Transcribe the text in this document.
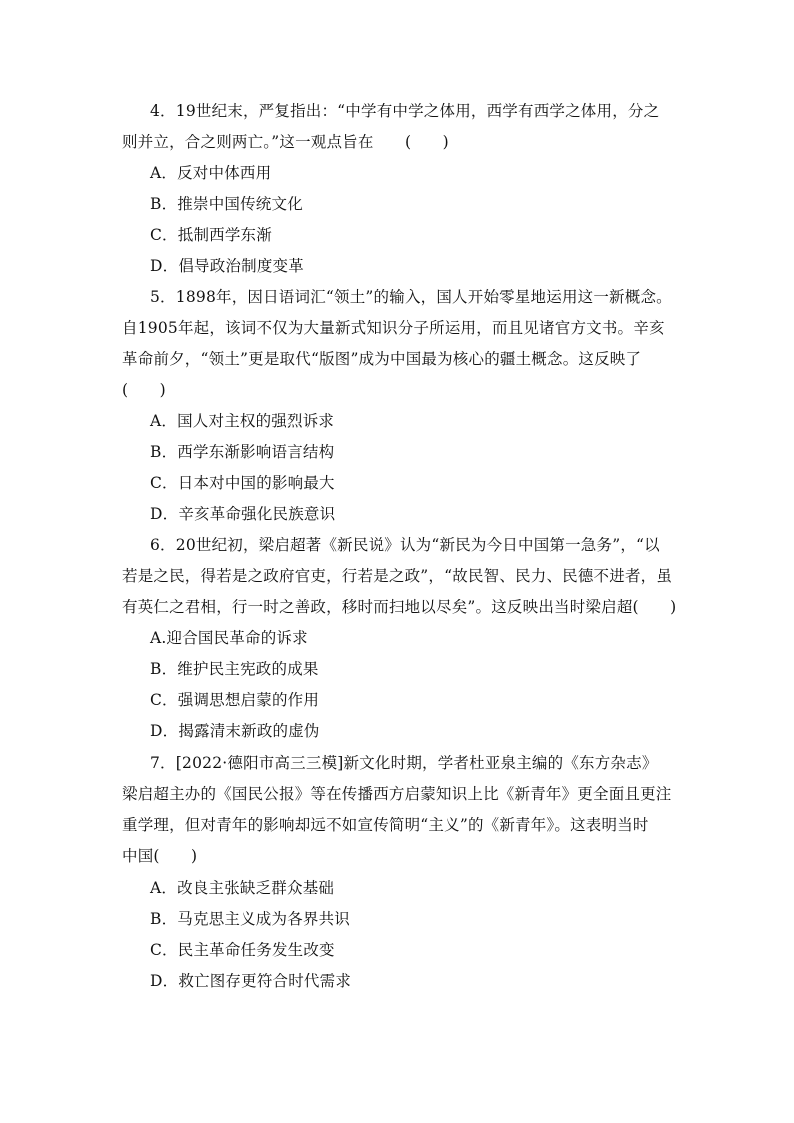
4．19世纪末，严复指出：“中学有中学之体用，西学有西学之体用，分之
则并立，合之则两亡。”这一观点旨在　　(　　)
A．反对中体西用
B．推崇中国传统文化
C．抵制西学东渐
D．倡导政治制度变革
5．1898年，因日语词汇“领土”的输入，国人开始零星地运用这一新概念。
自1905年起，该词不仅为大量新式知识分子所运用，而且见诸官方文书。辛亥
革命前夕，“领土”更是取代“版图”成为中国最为核心的疆土概念。这反映了
(　　)
A．国人对主权的强烈诉求
B．西学东渐影响语言结构
C．日本对中国的影响最大
D．辛亥革命强化民族意识
6．20世纪初，梁启超著《新民说》认为“新民为今日中国第一急务”，“以
若是之民，得若是之政府官吏，行若是之政”，“故民智、民力、民德不进者，虽
有英仁之君相，行一时之善政，移时而扫地以尽矣”。这反映出当时梁启超(　　)
A.迎合国民革命的诉求
B．维护民主宪政的成果
C．强调思想启蒙的作用
D．揭露清末新政的虚伪
7．[2022·德阳市高三三模]新文化时期，学者杜亚泉主编的《东方杂志》
梁启超主办的《国民公报》等在传播西方启蒙知识上比《新青年》更全面且更注
重学理，但对青年的影响却远不如宣传简明“主义”的《新青年》。这表明当时
中国(　　)
A．改良主张缺乏群众基础
B．马克思主义成为各界共识
C．民主革命任务发生改变
D．救亡图存更符合时代需求
